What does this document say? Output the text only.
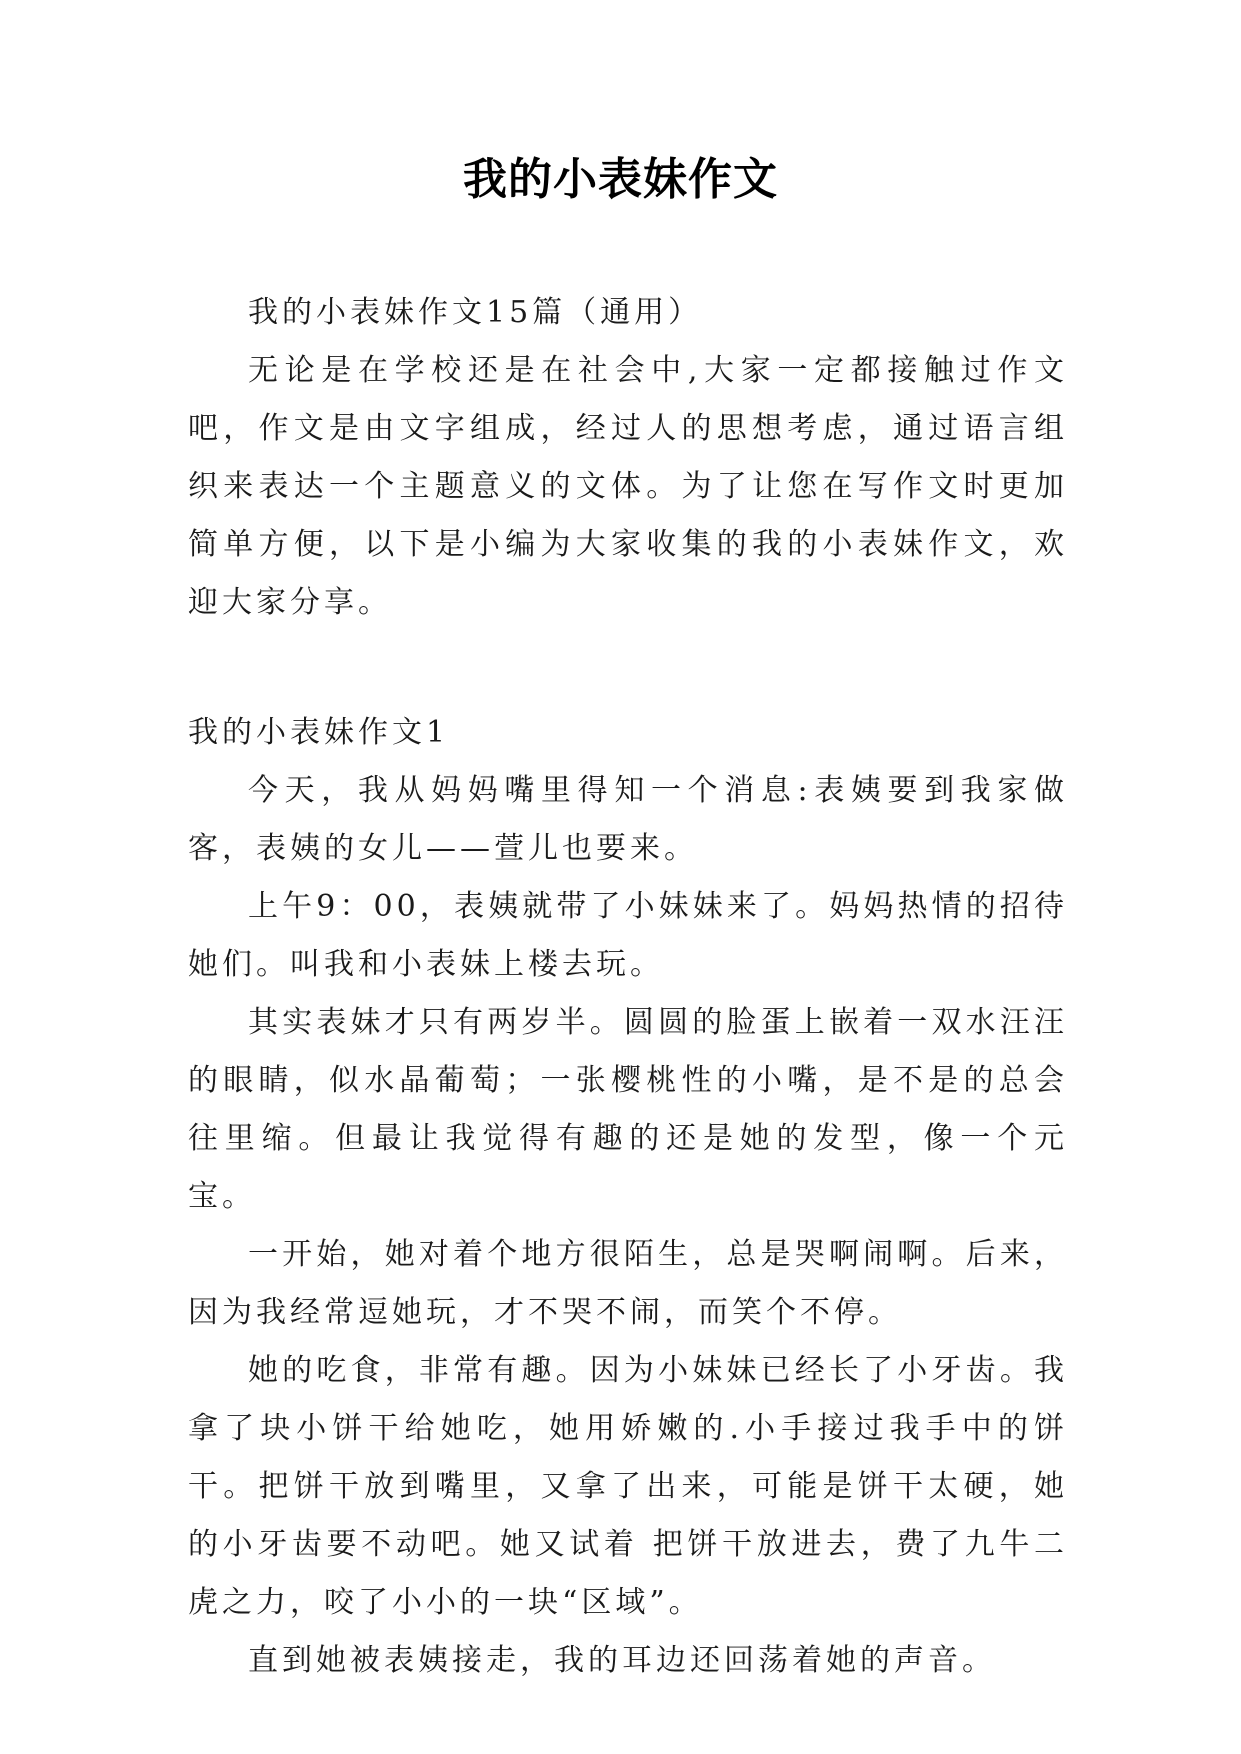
我的小表妹作文

我的小表妹作文15篇（通用）

无论是在学校还是在社会中,大家一定都接触过作文吧，作文是由文字组成，经过人的思想考虑，通过语言组织来表达一个主题意义的文体。为了让您在写作文时更加简单方便，以下是小编为大家收集的我的小表妹作文，欢迎大家分享。

我的小表妹作文1

今天，我从妈妈嘴里得知一个消息:表姨要到我家做客，表姨的女儿——萱儿也要来。

上午9：00，表姨就带了小妹妹来了。妈妈热情的招待她们。叫我和小表妹上楼去玩。

其实表妹才只有两岁半。圆圆的脸蛋上嵌着一双水汪汪的眼睛，似水晶葡萄；一张樱桃性的小嘴，是不是的总会往里缩。但最让我觉得有趣的还是她的发型，像一个元宝。

一开始，她对着个地方很陌生，总是哭啊闹啊。后来，因为我经常逗她玩，才不哭不闹，而笑个不停。

她的吃食，非常有趣。因为小妹妹已经长了小牙齿。我拿了块小饼干给她吃，她用娇嫩的.小手接过我手中的饼干。把饼干放到嘴里，又拿了出来，可能是饼干太硬，她的小牙齿要不动吧。她又试着 把饼干放进去，费了九牛二虎之力，咬了小小的一块“区域”。

直到她被表姨接走，我的耳边还回荡着她的声音。
